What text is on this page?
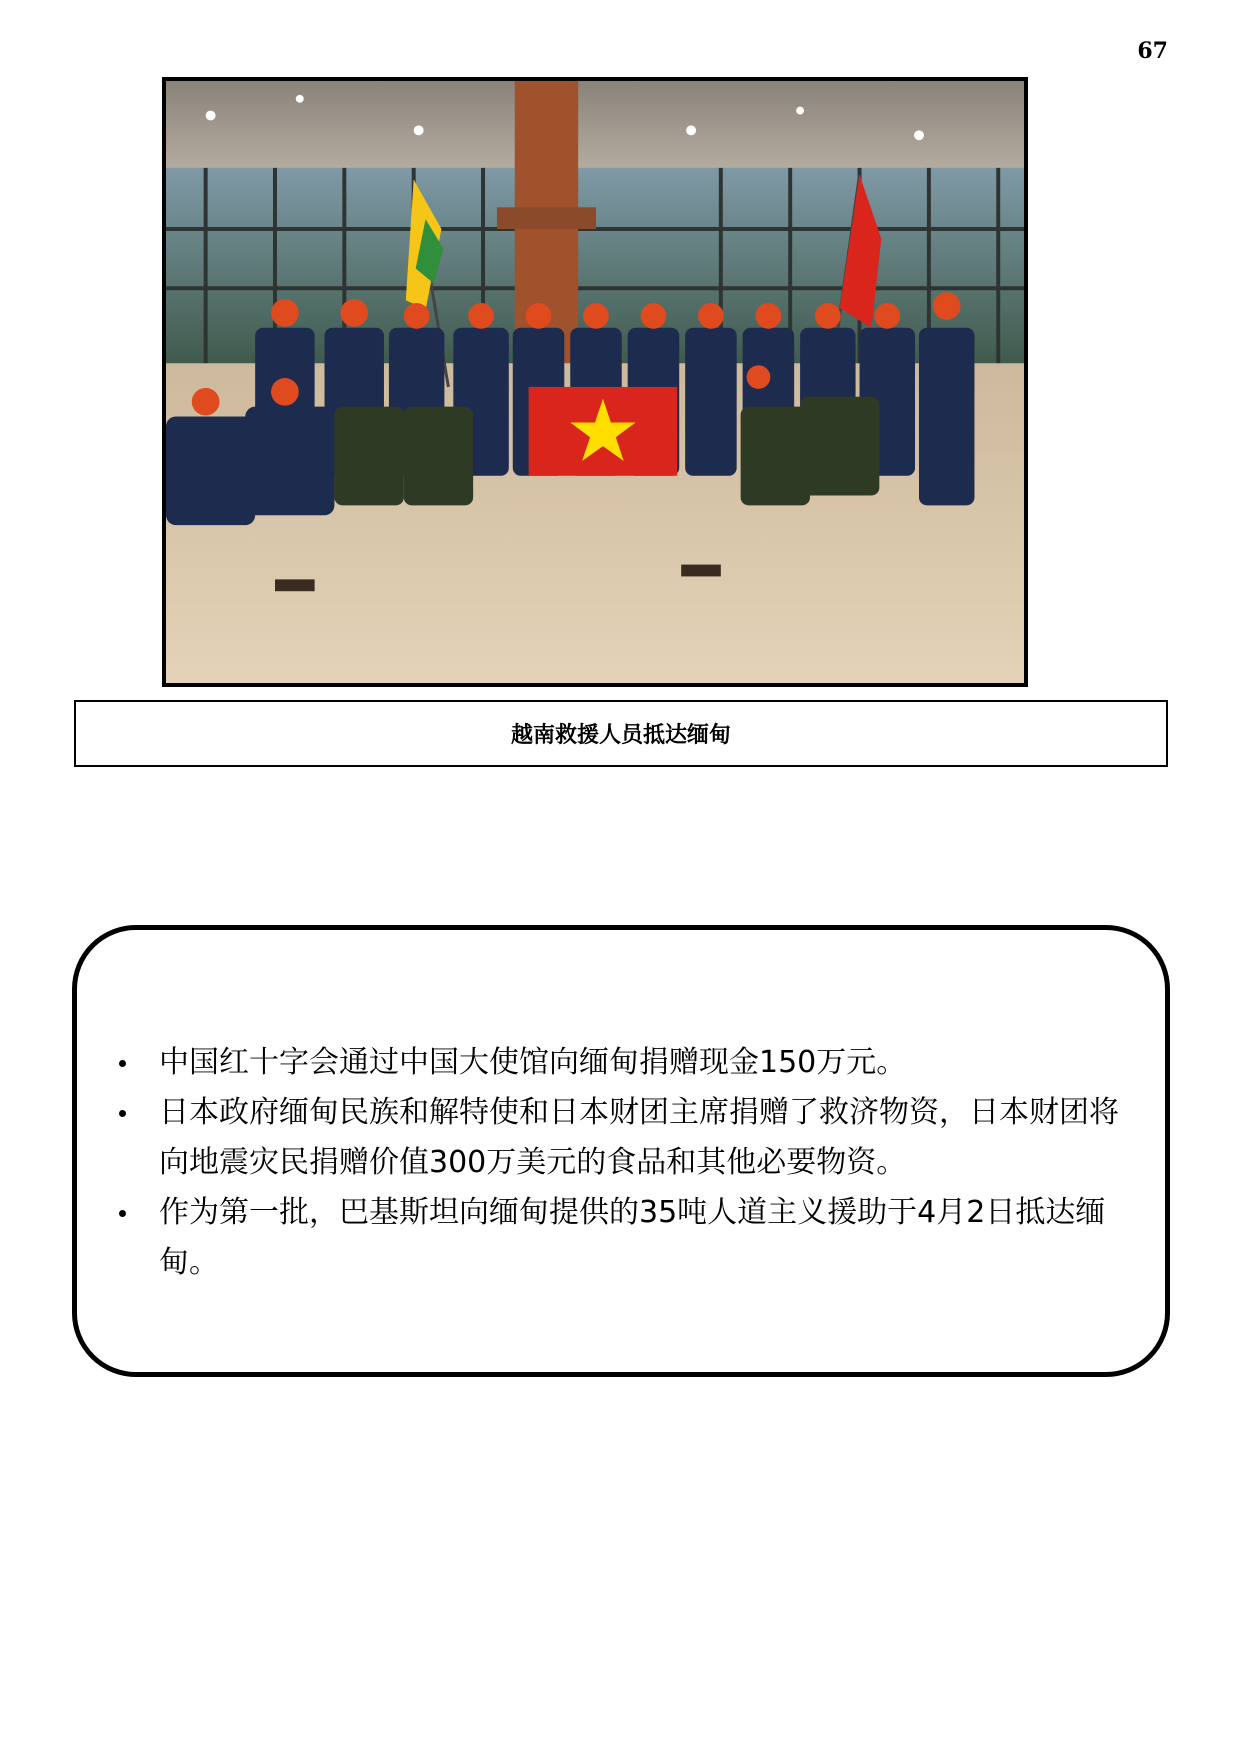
67
越南救援人员抵达缅甸
中国红十字会通过中国大使馆向缅甸捐赠现金150万元。
日本政府缅甸民族和解特使和日本财团主席捐赠了救济物资，日本财团将向地震灾民捐赠价值300万美元的食品和其他必要物资。
作为第一批，巴基斯坦向缅甸提供的35吨人道主义援助于4月2日抵达缅甸。
